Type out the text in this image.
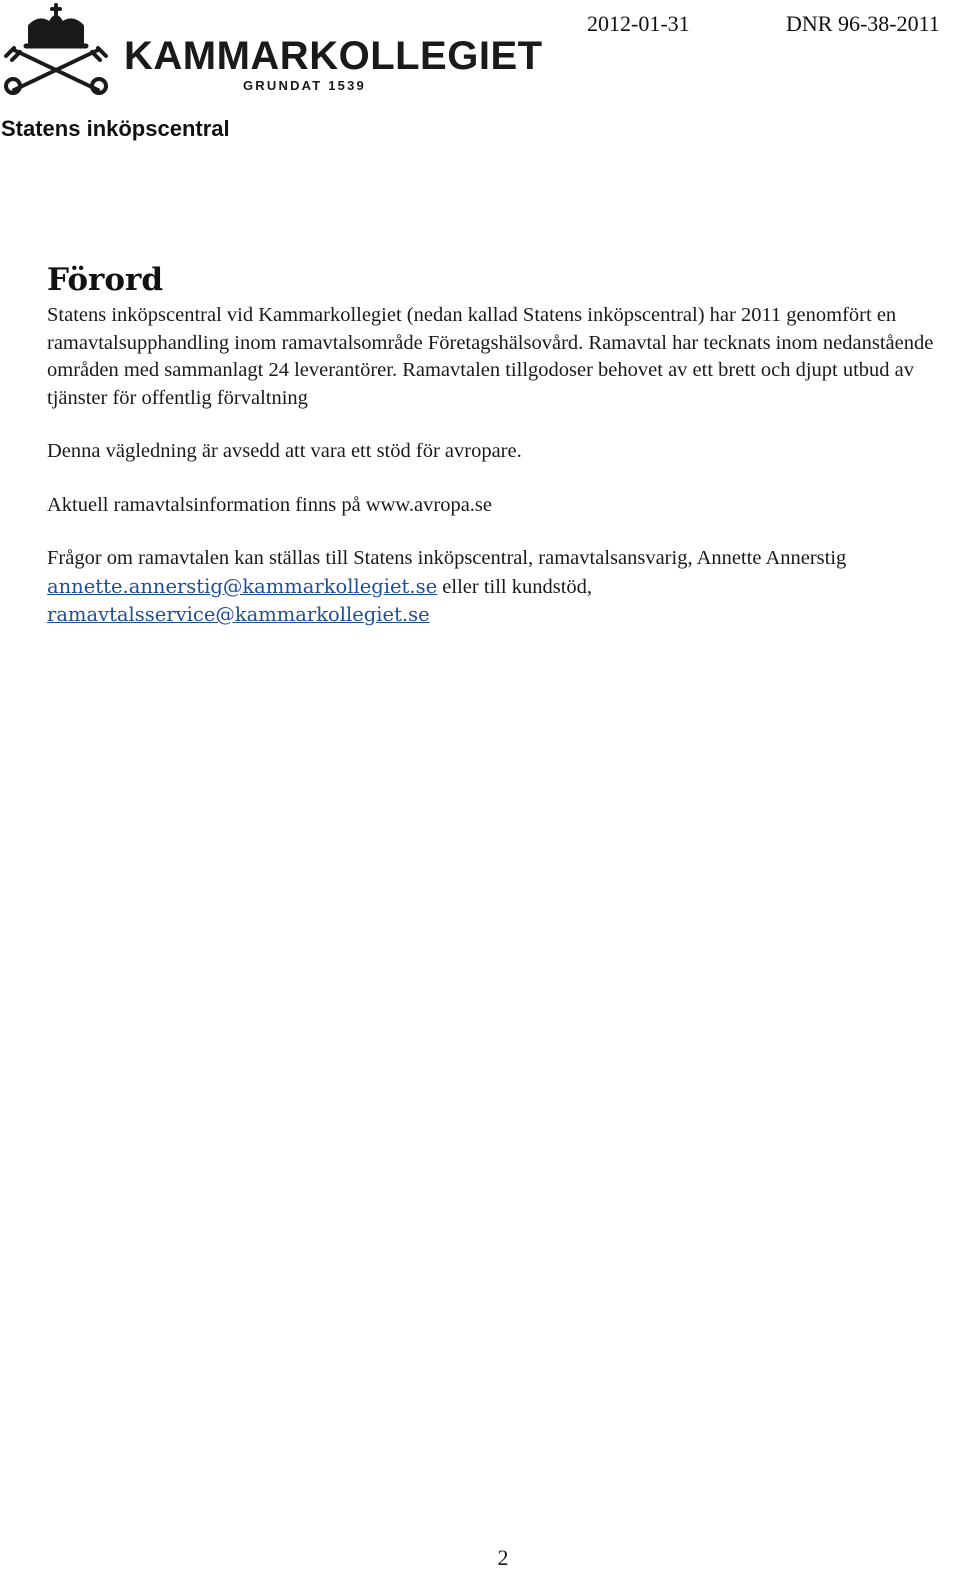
KAMMARKOLLEGIET
GRUNDAT 1539
2012-01-31	DNR 96-38-2011
Statens inköpscentral
Förord

Statens inköpscentral vid Kammarkollegiet (nedan kallad Statens inköpscentral) har 2011 genomfört en ramavtalsupphandling inom ramavtalsområde Företagshälsovård. Ramavtal har tecknats inom nedanstående områden med sammanlagt 24 leverantörer. Ramavtalen tillgodoser behovet av ett brett och djupt utbud av tjänster för offentlig förvaltning

Denna vägledning är avsedd att vara ett stöd för avropare.

Aktuell ramavtalsinformation finns på www.avropa.se

Frågor om ramavtalen kan ställas till Statens inköpscentral, ramavtalsansvarig, Annette Annerstig annette.annerstig@kammarkollegiet.se eller till kundstöd, ramavtalsservice@kammarkollegiet.se

2
